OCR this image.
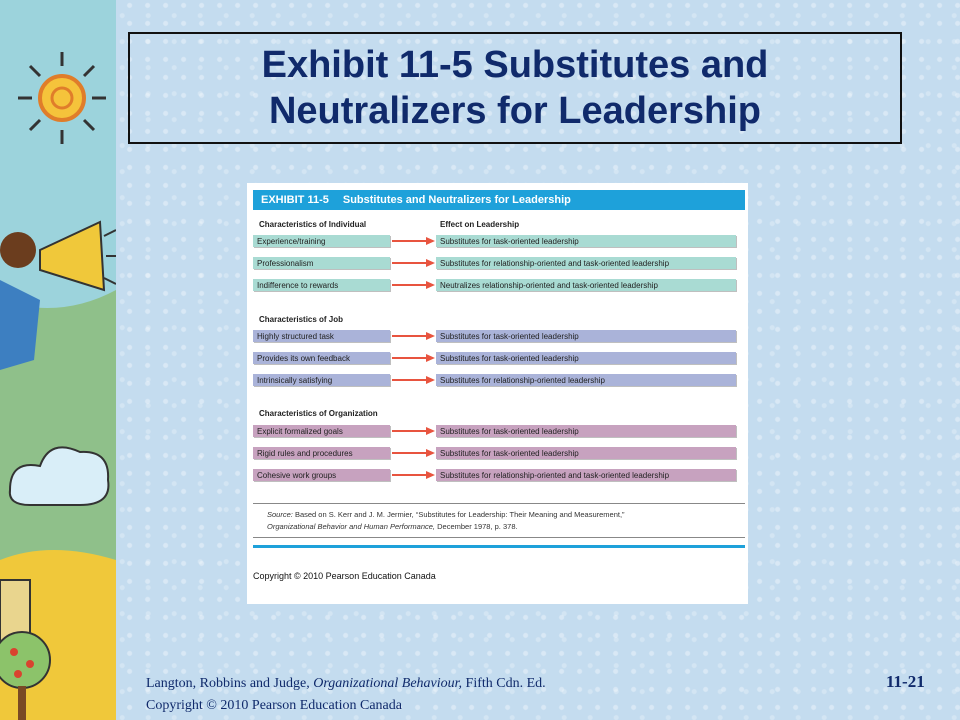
Exhibit 11-5 Substitutes and
Neutralizers for Leadership
EXHIBIT 11-5 Substitutes and Neutralizers for Leadership
Characteristics of Individual	Effect on Leadership
Experience/training	Substitutes for task-oriented leadership
Professionalism	Substitutes for relationship-oriented and task-oriented leadership
Indifference to rewards	Neutralizes relationship-oriented and task-oriented leadership
Characteristics of Job
Highly structured task	Substitutes for task-oriented leadership
Provides its own feedback	Substitutes for task-oriented leadership
Intrinsically satisfying	Substitutes for relationship-oriented leadership
Characteristics of Organization
Explicit formalized goals	Substitutes for task-oriented leadership
Rigid rules and procedures	Substitutes for task-oriented leadership
Cohesive work groups	Substitutes for relationship-oriented and task-oriented leadership
Source: Based on S. Kerr and J. M. Jermier, “Substitutes for Leadership: Their Meaning and Measurement,”
Organizational Behavior and Human Performance, December 1978, p. 378.
Copyright © 2010 Pearson Education Canada
Langton, Robbins and Judge, Organizational Behaviour, Fifth Cdn. Ed.
Copyright © 2010 Pearson Education Canada
11-21
